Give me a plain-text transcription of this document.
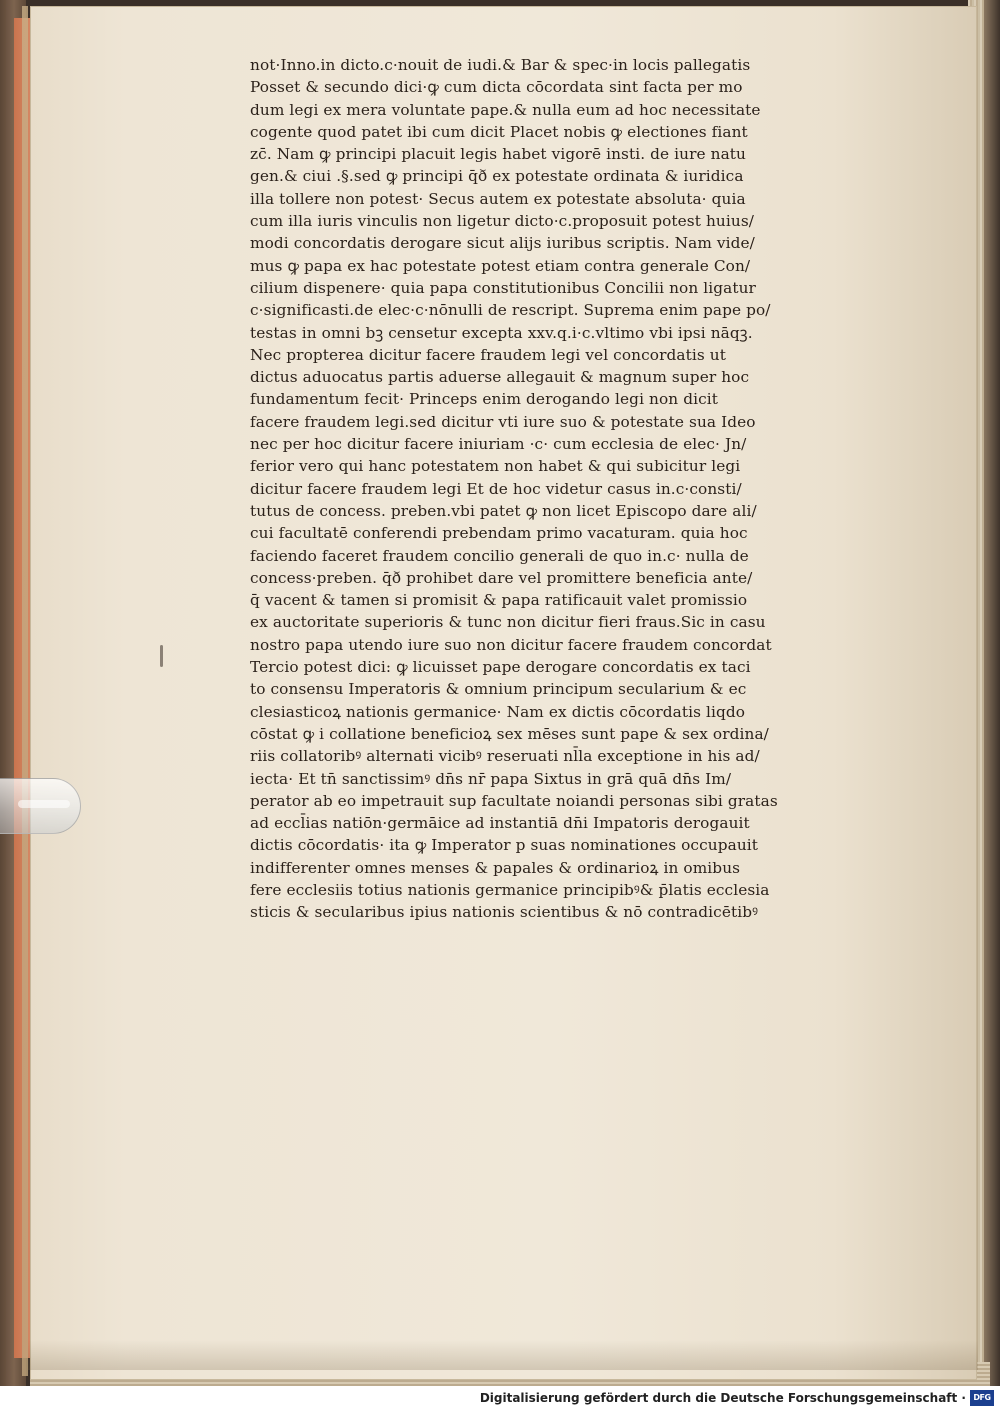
not·Inno.in dicto.c·nouit de iudi.& Bar & spec·in locis pallegatis
Posset & secundo dici·ꝙ cum dicta cōcordata sint facta per mo
dum legi ex mera voluntate pape.& nulla eum ad hoc necessitate
cogente quod patet ibi cum dicit Placet nobis ꝙ electiones fiant
zc̄. Nam ꝙ principi placuit legis habet vigorē insti. de iure natu
gen.& ciui .§.sed ꝙ principi q̄ð ex potestate ordinata & iuridica
illa tollere non potest· Secus autem ex potestate absoluta· quia
cum illa iuris vinculis non ligetur dicto·c.proposuit potest huius/
modi concordatis derogare sicut alijs iuribus scriptis. Nam vide/
mus ꝙ papa ex hac potestate potest etiam contra generale Con/
cilium dispenere· quia papa constitutionibus Concilii non ligatur
c·significasti.de elec·c·nōnulli de rescript. Suprema enim pape po/
testas in omni bꝫ censetur excepta xxv.q.i·c.vltimo vbi ipsi nāqꝫ.
Nec propterea dicitur facere fraudem legi vel concordatis ut
dictus aduocatus partis aduerse allegauit & magnum super hoc
fundamentum fecit· Princeps enim derogando legi non dicit
facere fraudem legi.sed dicitur vti iure suo & potestate sua Ideo
nec per hoc dicitur facere iniuriam ·c· cum ecclesia de elec· Jn/
ferior vero qui hanc potestatem non habet & qui subicitur legi
dicitur facere fraudem legi Et de hoc videtur casus in.c·consti/
tutus de concess. preben.vbi patet ꝙ non licet Episcopo dare ali/
cui facultatē conferendi prebendam primo vacaturam. quia hoc
faciendo faceret fraudem concilio generali de quo in.c· nulla de
concess·preben. q̄ð prohibet dare vel promittere beneficia ante/
q̄ vacent & tamen si promisit & papa ratificauit valet promissio
ex auctoritate superioris & tunc non dicitur fieri fraus.Sic in casu
nostro papa utendo iure suo non dicitur facere fraudem concordat
Tercio potest dici: ꝙ licuisset pape derogare concordatis ex taci
to consensu Imperatoris & omnium principum secularium & ec
clesiasticoꝝ nationis germanice· Nam ex dictis cōcordatis liqdo
cōstat ꝙ i collatione beneficioꝝ sex mēses sunt pape & sex ordina/
riis collatoribꝰ alternati vicibꝰ reseruati nl̄la exceptione in his ad/
iecta· Et tn̄ sanctissimꝰ dn̄s nr̄ papa Sixtus in grā quā dn̄s Im/
perator ab eo impetrauit sup facultate noiandi personas sibi gratas
ad eccl̄ias natiōn·germāice ad instantiā dn̄i Impatoris derogauit
dictis cōcordatis· ita ꝙ Imperator p suas nominationes occupauit
indifferenter omnes menses & papales & ordinarioꝝ in omibus
fere ecclesiis totius nationis germanice principibꝰ& p̄latis ecclesia
sticis & secularibus ipius nationis scientibus & nō contradicētibꝰ
Digitalisierung gefördert durch die Deutsche Forschungsgemeinschaft · DFG
